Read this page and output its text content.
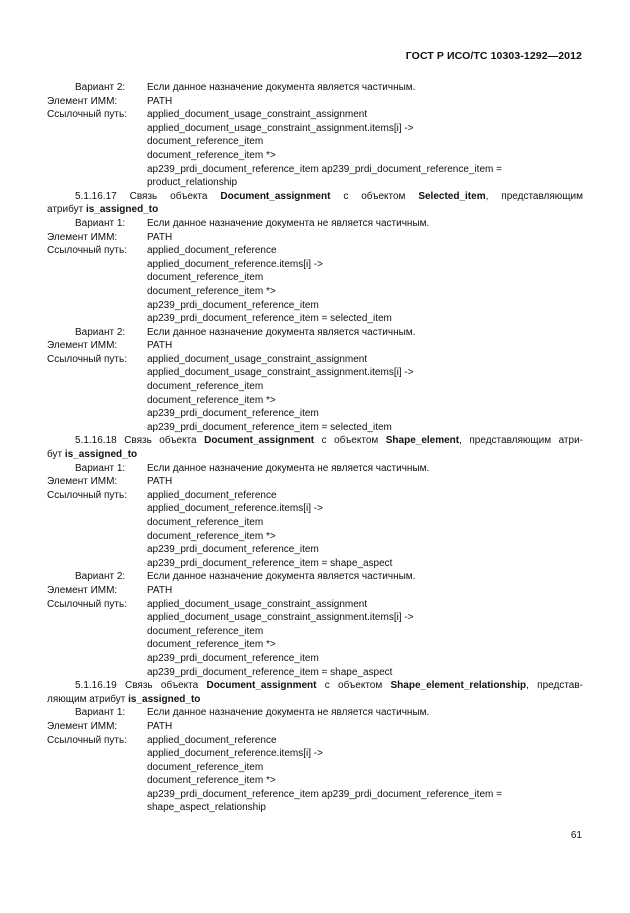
ГОСТ Р ИСО/ТС 10303-1292—2012
Вариант 2:	Если данное назначение документа является частичным.
Элемент ИММ:	PATH
Ссылочный путь:	applied_document_usage_constraint_assignment
applied_document_usage_constraint_assignment.items[i] ->
document_reference_item
document_reference_item *>
ap239_prdi_document_reference_item ap239_prdi_document_reference_item =
product_relationship
5.1.16.17 Связь объекта Document_assignment с объектом Selected_item, представляющим
атрибут is_assigned_to
Вариант 1:	Если данное назначение документа не является частичным.
Элемент ИММ:	PATH
Ссылочный путь:	applied_document_reference
applied_document_reference.items[i] ->
document_reference_item
document_reference_item *>
ap239_prdi_document_reference_item
ap239_prdi_document_reference_item = selected_item
Вариант 2:	Если данное назначение документа является частичным.
Элемент ИММ:	PATH
Ссылочный путь:	applied_document_usage_constraint_assignment
applied_document_usage_constraint_assignment.items[i] ->
document_reference_item
document_reference_item *>
ap239_prdi_document_reference_item
ap239_prdi_document_reference_item = selected_item
5.1.16.18 Связь объекта Document_assignment с объектом Shape_element, представляющим атри-
бут is_assigned_to
Вариант 1:	Если данное назначение документа не является частичным.
Элемент ИММ:	PATH
Ссылочный путь:	applied_document_reference
applied_document_reference.items[i] ->
document_reference_item
document_reference_item *>
ap239_prdi_document_reference_item
ap239_prdi_document_reference_item = shape_aspect
Вариант 2:	Если данное назначение документа является частичным.
Элемент ИММ:	PATH
Ссылочный путь:	applied_document_usage_constraint_assignment
applied_document_usage_constraint_assignment.items[i] ->
document_reference_item
document_reference_item *>
ap239_prdi_document_reference_item
ap239_prdi_document_reference_item = shape_aspect
5.1.16.19 Связь объекта Document_assignment с объектом Shape_element_relationship, представ-
ляющим атрибут is_assigned_to
Вариант 1:	Если данное назначение документа не является частичным.
Элемент ИММ:	PATH
Ссылочный путь:	applied_document_reference
applied_document_reference.items[i] ->
document_reference_item
document_reference_item *>
ap239_prdi_document_reference_item ap239_prdi_document_reference_item =
shape_aspect_relationship
61
